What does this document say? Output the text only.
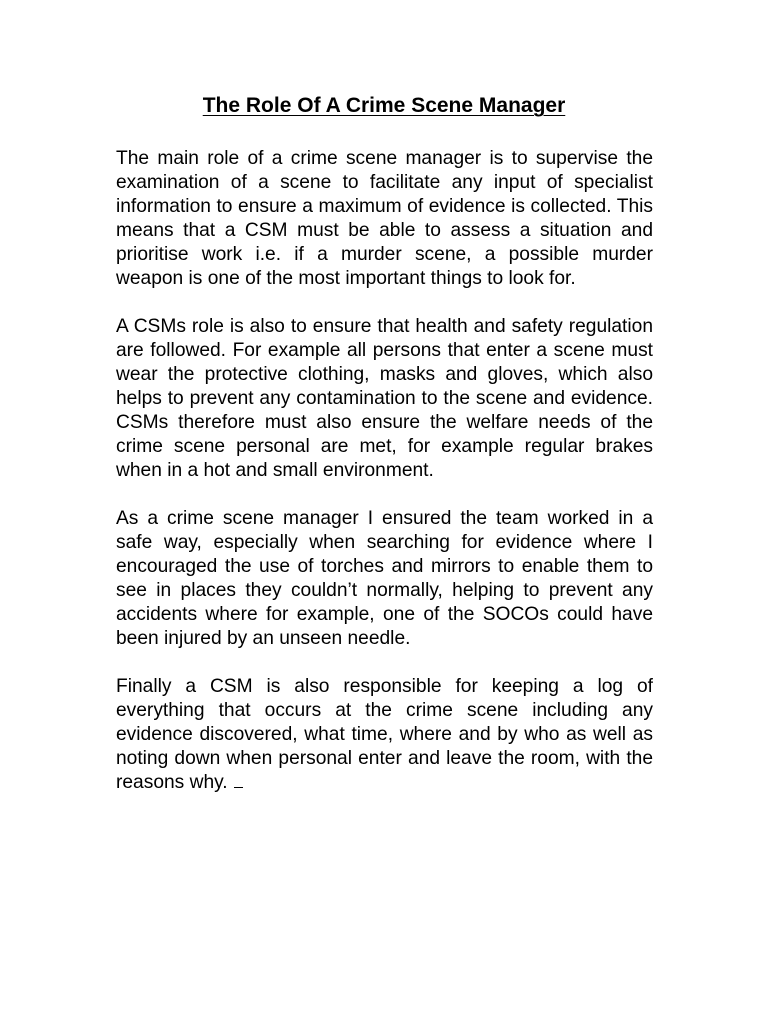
The Role Of A Crime Scene Manager

The main role of a crime scene manager is to supervise the examination of a scene to facilitate any input of specialist information to ensure a maximum of evidence is collected. This means that a CSM must be able to assess a situation and prioritise work i.e. if a murder scene, a possible murder weapon is one of the most important things to look for.

A CSMs role is also to ensure that health and safety regulation are followed. For example all persons that enter a scene must wear the protective clothing, masks and gloves, which also helps to prevent any contamination to the scene and evidence. CSMs therefore must also ensure the welfare needs of the crime scene personal are met, for example regular brakes when in a hot and small environment.

As a crime scene manager I ensured the team worked in a safe way, especially when searching for evidence where I encouraged the use of torches and mirrors to enable them to see in places they couldn’t normally, helping to prevent any accidents where for example, one of the SOCOs could have been injured by an unseen needle.

Finally a CSM is also responsible for keeping a log of everything that occurs at the crime scene including any evidence discovered, what time, where and by who as well as noting down when personal enter and leave the room, with the reasons why.
